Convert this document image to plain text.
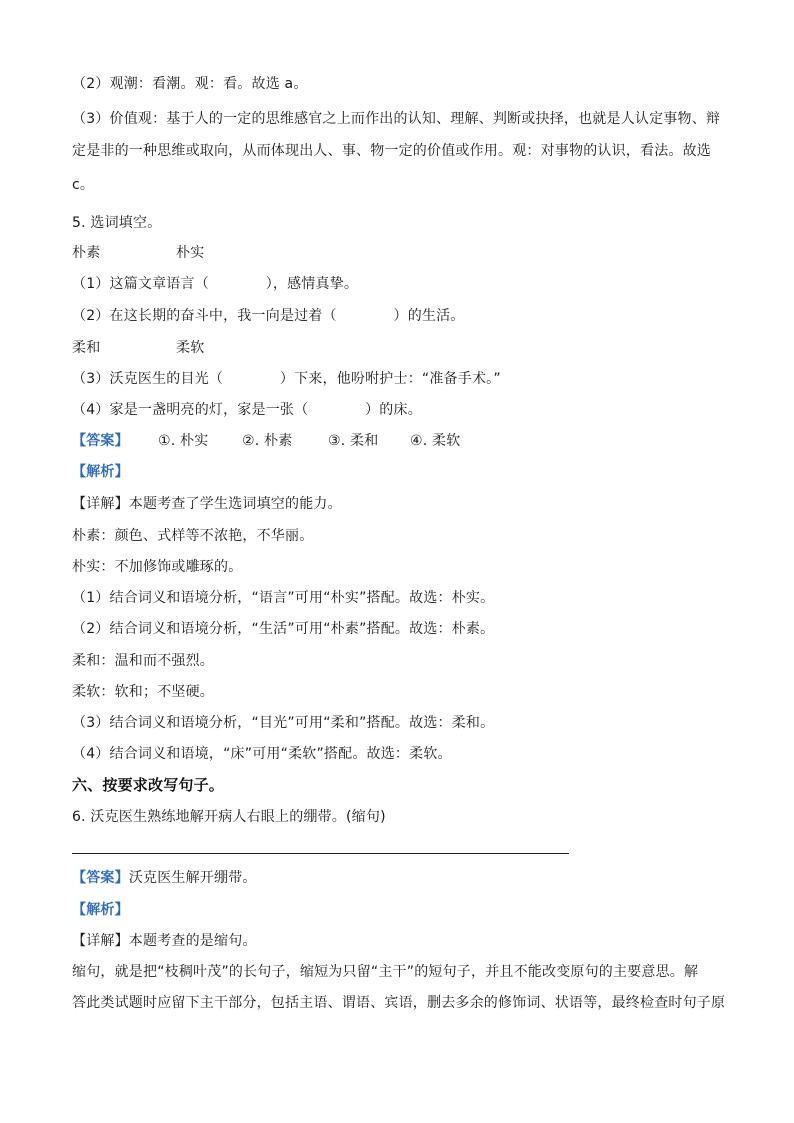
（2）观潮：看潮。观：看。故选 a。
（3）价值观：基于人的一定的思维感官之上而作出的认知、理解、判断或抉择，也就是人认定事物、辩
定是非的一种思维或取向，从而体现出人、事、物一定的价值或作用。观：对事物的认识，看法。故选
c。
5. 选词填空。
朴素	朴实
（1）这篇文章语言（　　　　），感情真挚。
（2）在这长期的奋斗中，我一向是过着（　　　　）的生活。
柔和	柔软
（3）沃克医生的目光（　　　　）下来，他吩咐护士：“准备手术。”
（4）家是一盏明亮的灯，家是一张（　　　　）的床。
【答案】 ①. 朴实 ②. 朴素	③. 柔和 ④. 柔软
【解析】
【详解】本题考查了学生选词填空的能力。
朴素：颜色、式样等不浓艳，不华丽。
朴实：不加修饰或雕琢的。
（1）结合词义和语境分析，“语言”可用“朴实”搭配。故选：朴实。
（2）结合词义和语境分析，“生活”可用“朴素”搭配。故选：朴素。
柔和：温和而不强烈。
柔软：软和；不坚硬。
（3）结合词义和语境分析，“目光”可用“柔和”搭配。故选：柔和。
（4）结合词义和语境，“床”可用“柔软”搭配。故选：柔软。
六、按要求改写句子。
6. 沃克医生熟练地解开病人右眼上的绷带。(缩句)
【答案】沃克医生解开绷带。
【解析】
【详解】本题考查的是缩句。
缩句，就是把“枝稠叶茂”的长句子，缩短为只留“主干”的短句子，并且不能改变原句的主要意思。解
答此类试题时应留下主干部分，包括主语、谓语、宾语，删去多余的修饰词、状语等，最终检查时句子原
